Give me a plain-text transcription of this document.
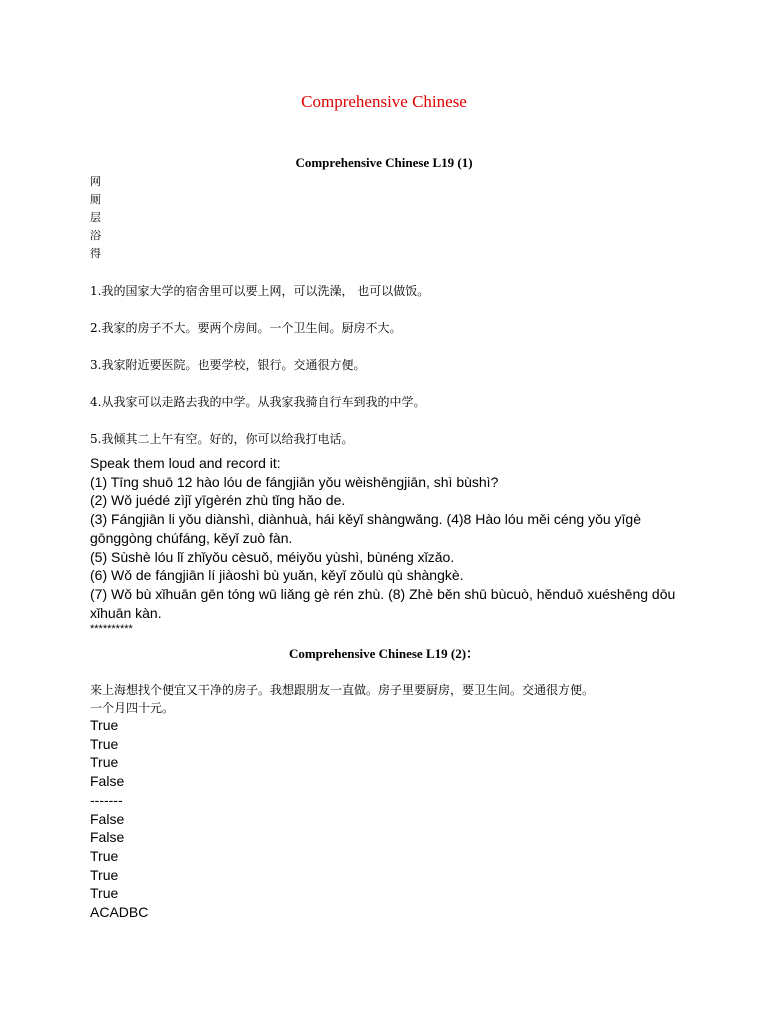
Comprehensive Chinese
Comprehensive Chinese L19 (1)
网
厕
层
浴
得
1.我的国家大学的宿舍里可以要上网，可以洗澡， 也可以做饭。
2.我家的房子不大。要两个房间。一个卫生间。厨房不大。
3.我家附近要医院。也要学校，银行。交通很方便。
4.从我家可以走路去我的中学。从我家我骑自行车到我的中学。
5.我倾其二上午有空。好的，你可以给我打电话。
Speak them loud and record it:
(1) Tīng shuō 12 hào lóu de fángjiān yǒu wèishēngjiān, shì bùshì?
(2) Wǒ juédé zìjǐ yīgèrén zhù tǐng hǎo de.
(3) Fángjiān li yǒu diànshì, diànhuà, hái kěyǐ shàngwǎng. (4)8 Hào lóu měi céng yǒu yīgè
gōnggòng chúfáng, kěyǐ zuò fàn.
(5) Sùshè lóu lǐ zhǐyǒu cèsuǒ, méiyǒu yùshì, bùnéng xǐzǎo.
(6) Wǒ de fángjiān lí jiàoshì bù yuǎn, kěyǐ zǒulù qù shàngkè.
(7) Wǒ bù xǐhuān gēn tóng wū liǎng gè rén zhù. (8) Zhè běn shū bùcuò, hěnduō xuéshēng dōu
xǐhuān kàn.
**********
Comprehensive Chinese L19 (2)：
来上海想找个便宜又干净的房子。我想跟朋友一直做。房子里要厨房，要卫生间。交通很方便。
一个月四十元。
True
True
True
False
-------
False
False
True
True
True
ACADBC
